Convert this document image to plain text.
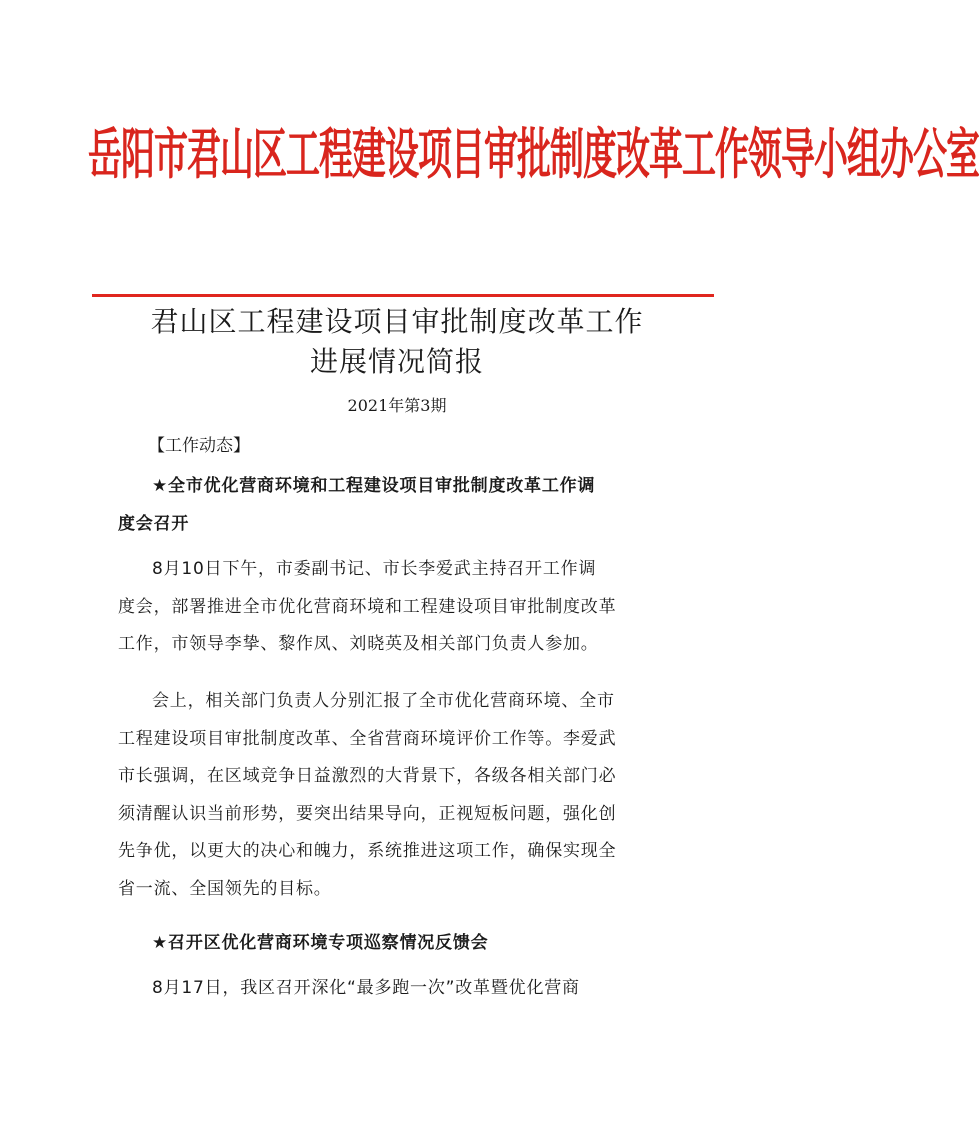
岳阳市君山区工程建设项目审批制度改革工作领导小组办公室
君山区工程建设项目审批制度改革工作
进展情况简报
2021年第3期
【工作动态】
★全市优化营商环境和工程建设项目审批制度改革工作调
度会召开
8月10日下午，市委副书记、市长李爱武主持召开工作调
度会，部署推进全市优化营商环境和工程建设项目审批制度改革
工作，市领导李挚、黎作凤、刘晓英及相关部门负责人参加。
会上，相关部门负责人分别汇报了全市优化营商环境、全市
工程建设项目审批制度改革、全省营商环境评价工作等。李爱武
市长强调，在区域竞争日益激烈的大背景下，各级各相关部门必
须清醒认识当前形势，要突出结果导向，正视短板问题，强化创
先争优，以更大的决心和魄力，系统推进这项工作，确保实现全
省一流、全国领先的目标。
★召开区优化营商环境专项巡察情况反馈会
8月17日，我区召开深化“最多跑一次”改革暨优化营商
